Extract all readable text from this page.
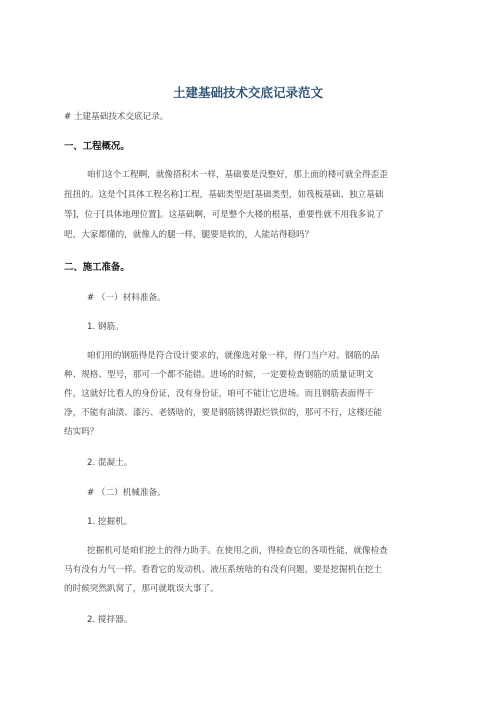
土建基础技术交底记录范文
# 土建基础技术交底记录。
一、工程概况。
咱们这个工程啊，就像搭积木一样，基础要是没整好，那上面的楼可就全得歪歪
扭扭的。这是个[具体工程名称]工程，基础类型是[基础类型，如筏板基础、独立基础
等]，位于[具体地理位置]。这基础啊，可是整个大楼的根基，重要性就不用我多说了
吧，大家都懂的，就像人的腿一样，腿要是软的，人能站得稳吗？
二、施工准备。
# （一）材料准备。
1. 钢筋。
咱们用的钢筋得是符合设计要求的，就像选对象一样，得门当户对。钢筋的品
种、规格、型号，那可一个都不能错。进场的时候，一定要检查钢筋的质量证明文
件，这就好比看人的身份证，没有身份证，咱可不能让它进场。而且钢筋表面得干
净，不能有油渍、漆污、老锈啥的，要是钢筋锈得跟烂铁似的，那可不行，这楼还能
结实吗？
2. 混凝土。
# （二）机械准备。
1. 挖掘机。
挖掘机可是咱们挖土的得力助手。在使用之前，得检查它的各项性能，就像检查
马有没有力气一样。看看它的发动机、液压系统啥的有没有问题，要是挖掘机在挖土
的时候突然趴窝了，那可就耽误大事了。
2. 搅拌器。
